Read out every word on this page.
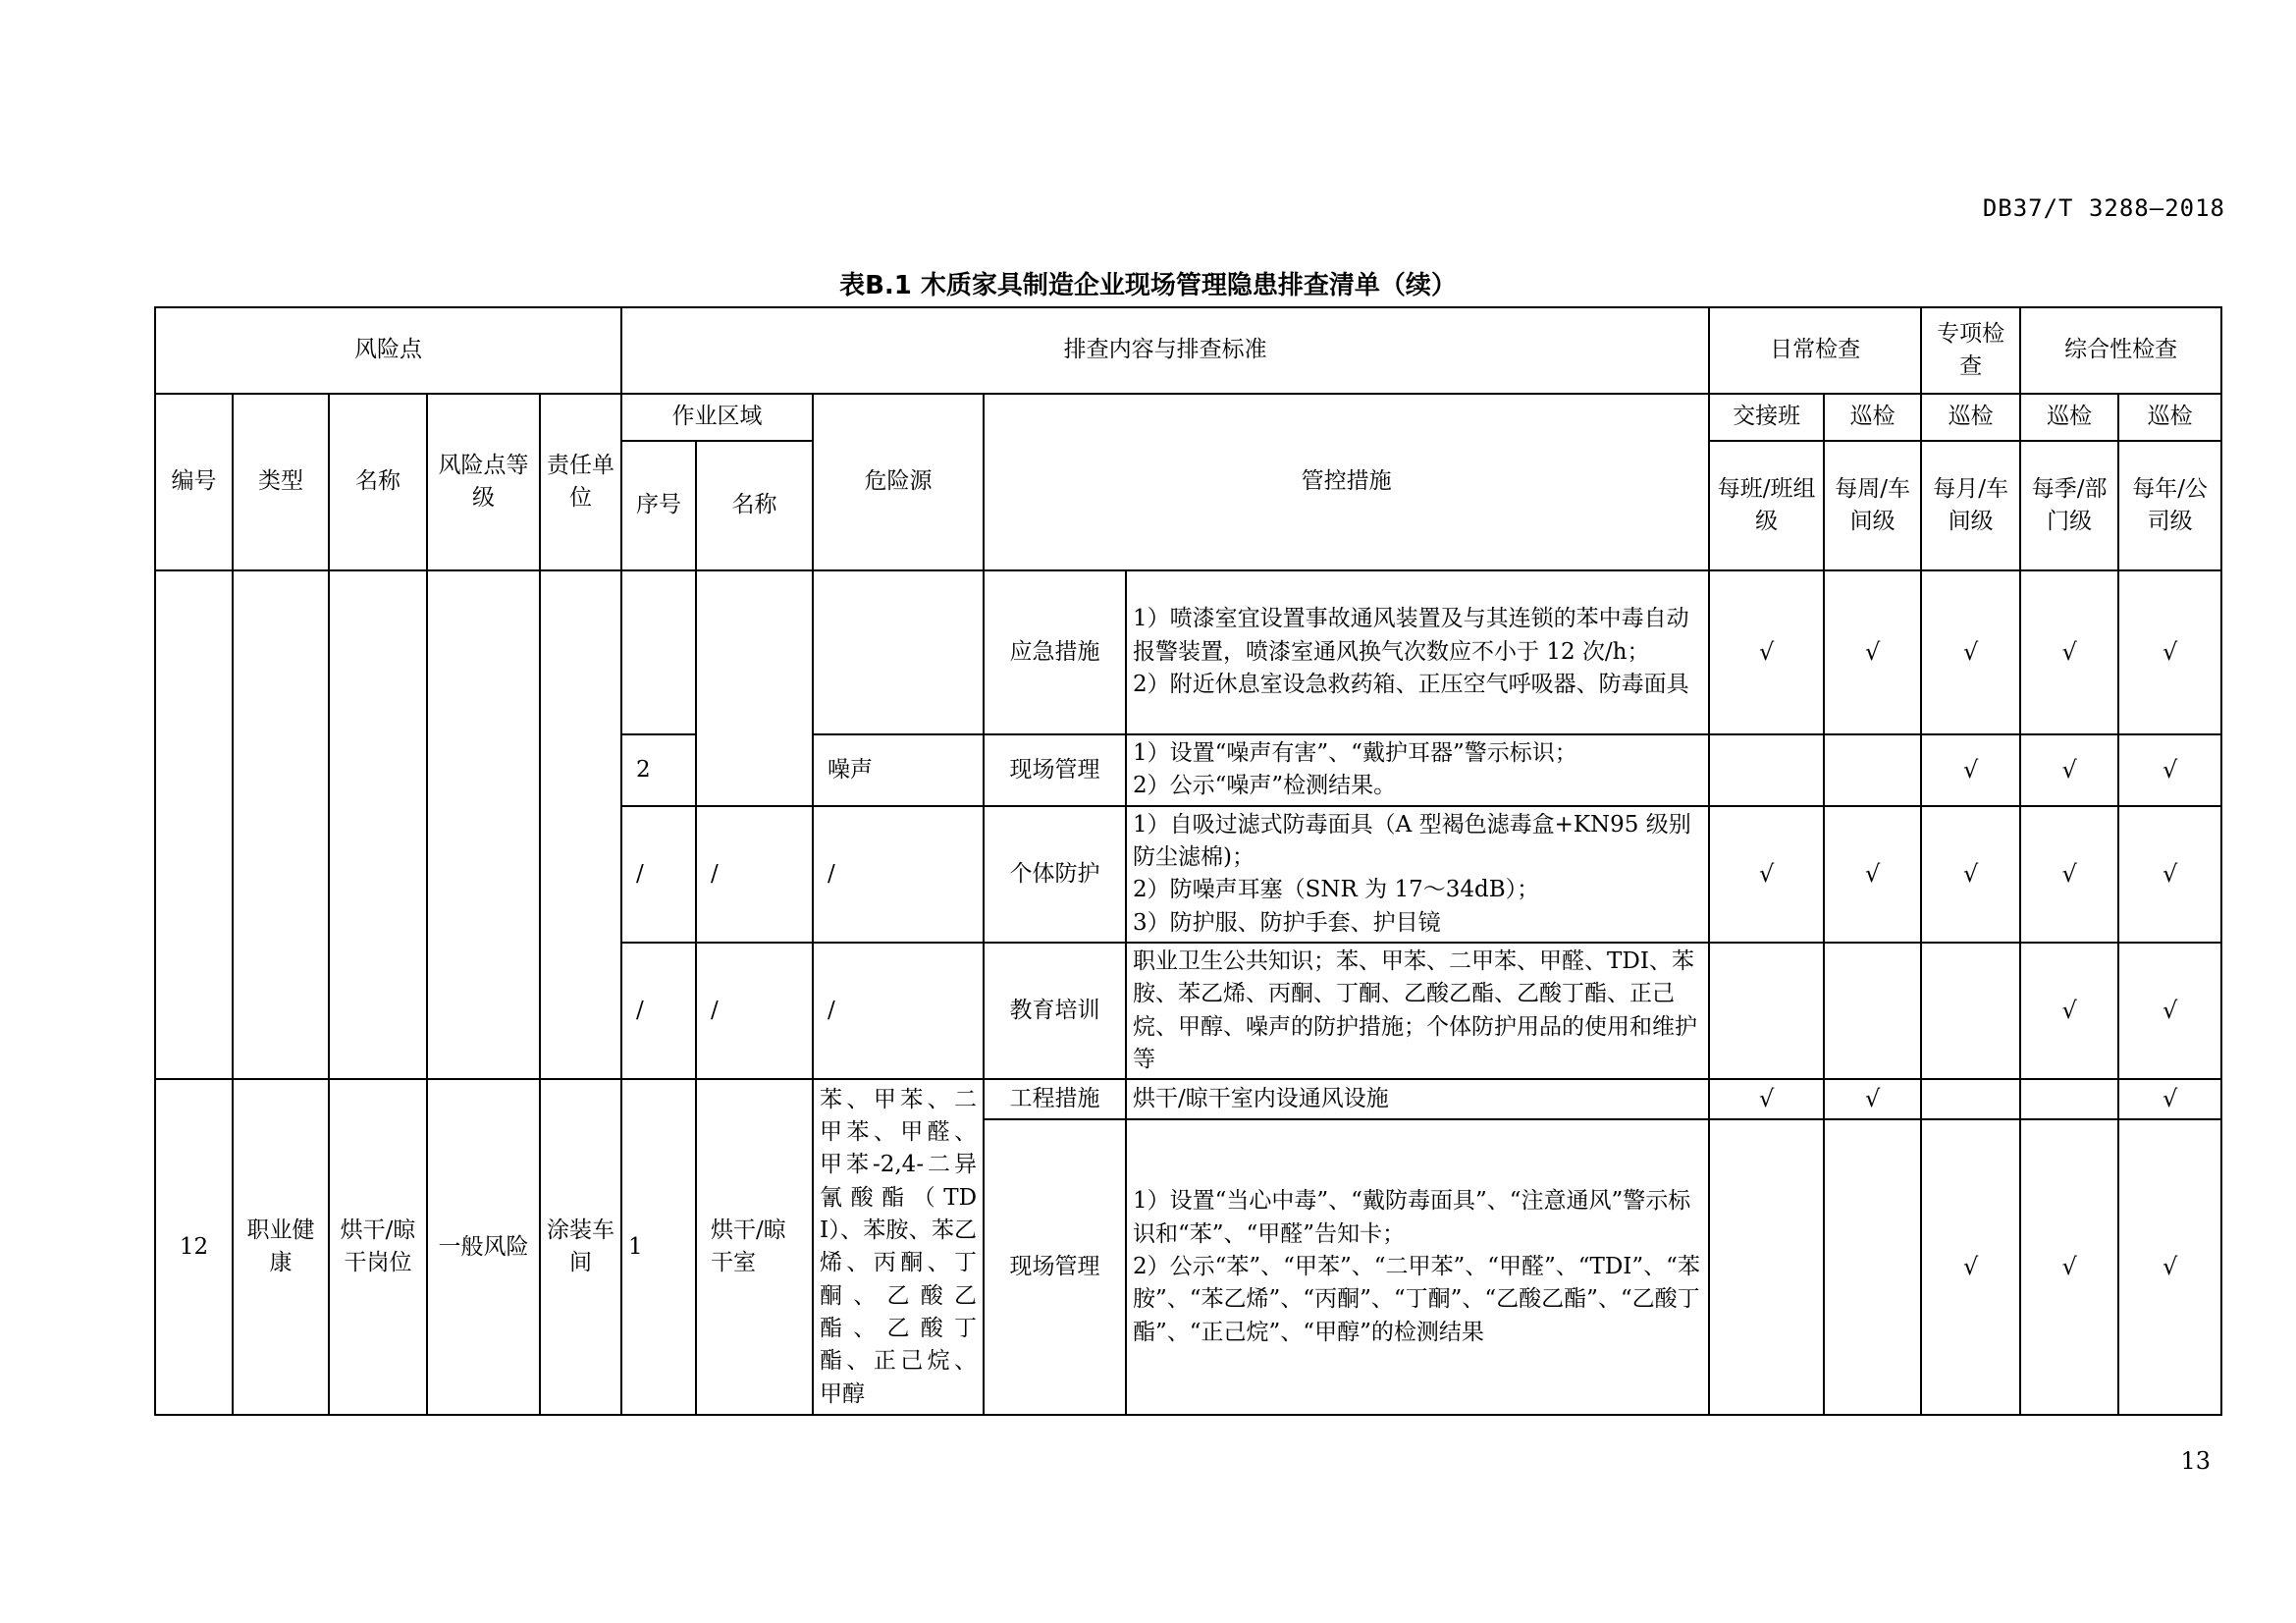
DB37/T 3288—2018
表B.1 木质家具制造企业现场管理隐患排查清单（续）
风险点					排查内容与排查标准					日常检查		专项检查	综合性检查	
编号	类型	名称	风险点等级	责任单位	作业区域		危险源	管控措施		交接班	巡检	巡检	巡检	巡检
					序号	名称				每班/班组级	每周/车间级	每月/车间级	每季/部门级	每年/公司级
								应急措施	1）喷漆室宜设置事故通风装置及与其连锁的苯中毒自动报警装置，喷漆室通风换气次数应不小于 12 次/h；
2）附近休息室设急救药箱、正压空气呼吸器、防毒面具	√	√	√	√	√
					2		噪声	现场管理	1）设置“噪声有害”、“戴护耳器”警示标识；
2）公示“噪声”检测结果。			√	√	√
					/	/	/	个体防护	1）自吸过滤式防毒面具（A 型褐色滤毒盒+KN95 级别防尘滤棉)；
2）防噪声耳塞（SNR 为 17～34dB）；
3）防护服、防护手套、护目镜	√	√	√	√	√
					/	/	/	教育培训	职业卫生公共知识；苯、甲苯、二甲苯、甲醛、TDI、苯胺、苯乙烯、丙酮、丁酮、乙酸乙酯、乙酸丁酯、正己烷、甲醇、噪声的防护措施；个体防护用品的使用和维护等				√	√
12	职业健康	烘干/晾干岗位	一般风险	涂装车间	1	烘干/晾干室	苯、甲苯、二甲苯、甲醛、甲苯-2,4-二异氰酸酯（TDI）、苯胺、苯乙烯、丙酮、丁酮、乙酸乙酯、乙酸丁酯、正己烷、甲醇	工程措施	烘干/晾干室内设通风设施	√	√			√
								现场管理	1）设置“当心中毒”、“戴防毒面具”、“注意通风”警示标识和“苯”、“甲醛”告知卡；
2）公示“苯”、“甲苯”、“二甲苯”、“甲醛”、“TDI”、“苯胺”、“苯乙烯”、“丙酮”、“丁酮”、“乙酸乙酯”、“乙酸丁酯”、“正己烷”、“甲醇”的检测结果			√	√	√
13
